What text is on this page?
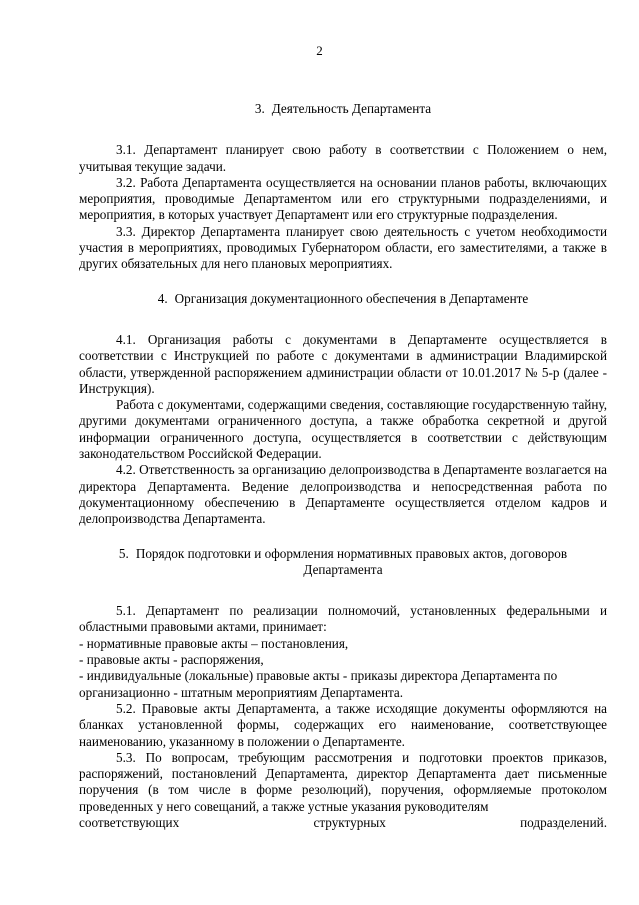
2

3. Деятельность Департамента

3.1. Департамент планирует свою работу в соответствии с Положением о нем, учитывая текущие задачи.

3.2. Работа Департамента осуществляется на основании планов работы, включающих мероприятия, проводимые Департаментом или его структурными подразделениями, и мероприятия, в которых участвует Департамент или его структурные подразделения.

3.3. Директор Департамента планирует свою деятельность с учетом необходимости участия в мероприятиях, проводимых Губернатором области, его заместителями, а также в других обязательных для него плановых мероприятиях.

4. Организация документационного обеспечения в Департаменте

4.1. Организация работы с документами в Департаменте осуществляется в соответствии с Инструкцией по работе с документами в администрации Владимирской области, утвержденной распоряжением администрации области от 10.01.2017 № 5-р (далее - Инструкция).

Работа с документами, содержащими сведения, составляющие государственную тайну, другими документами ограниченного доступа, а также обработка секретной и другой информации ограниченного доступа, осуществляется в соответствии с действующим законодательством Российской Федерации.

4.2. Ответственность за организацию делопроизводства в Департаменте возлагается на директора Департамента. Ведение делопроизводства и непосредственная работа по документационному обеспечению в Департаменте осуществляется отделом кадров и делопроизводства Департамента.

5. Порядок подготовки и оформления нормативных правовых актов, договоров

Департамента

5.1. Департамент по реализации полномочий, установленных федеральными и областными правовыми актами, принимает:

- нормативные правовые акты – постановления,

- правовые акты - распоряжения,

- индивидуальные (локальные) правовые акты - приказы директора Департамента по организационно - штатным мероприятиям Департамента.

5.2. Правовые акты Департамента, а также исходящие документы оформляются на бланках установленной формы, содержащих его наименование, соответствующее наименованию, указанному в положении о Департаменте.

5.3. По вопросам, требующим рассмотрения и подготовки проектов приказов, распоряжений, постановлений Департамента, директор Департамента дает письменные поручения (в том числе в форме резолюций), поручения, оформляемые протоколом проведенных у него совещаний, а также устные указания руководителям

соответствующих структурных подразделений.
